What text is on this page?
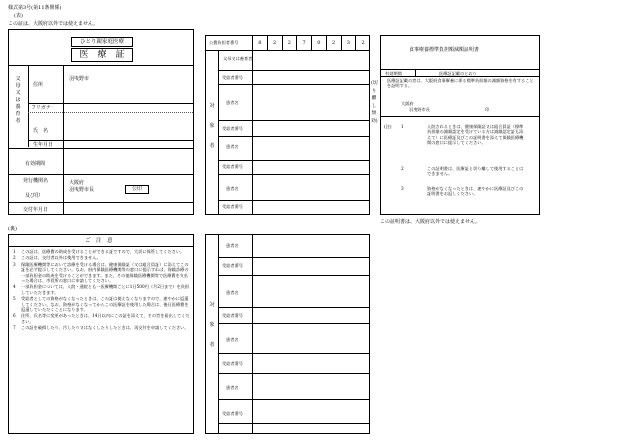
様式第3号(第11条関係)
(表)
この証は、大阪府以外では使えません。
ひとり親家庭医療
医　療　証
父母又は養育者
住所
羽曳野市
フリガナ
氏　名
生年月日
有効期間
発行機関名
及び印
大阪府
羽曳野市長	公印
交付年月日
公費負担者番号	8	2	2	7	0	2	3	2
対象者
父母又は養育者
受給者番号
患者名
受給者番号
患者名
受給者番号
患者名
受給者番号
(切り離し無効)
食事療養標準負担額減額証明書
有効期間	医療証記載のとおり
医療証記載の者は、大阪府食事療養に係る標準負担額の減額資格を有することを証明する。
大阪府
羽曳野市長	印
(注) 1	入院されるときは、健康保険証又は組合員証（標準負担額の減額認定を受けている方は減額認定証も添えて）に医療証及びこの証明書を添えて保険医療機関の窓口に提示してください。
2	この証明書は、医療証と切り離して使用することはできません。
3	資格がなくなったときは、速やかに医療証及びこの証明書をお返しください。
この証明書は、大阪府以外では使えません。
(裏)
ご　注　意
1	この証は、医療費の助成を受けることができる証ですので、大切に保管してください。
2	この証は、交付者以外は使用できません。
3	保険医療機関等において診療を受ける場合は、健康保険証（又は組合員証）に添えてこの証を必ず提示してください。なお、府内保険医療機関等の窓口に提示すれば、保険診療の一部負担金の助成を受けることができます。また、その他保険医療機関等で医療費を支払った場合は、市役所の窓口に申請してください。
4	一部負担金については、入院・通院とも一医療機関ごとに1日500円（月2日まで）を負担していただきます。
5	受給者としての資格がなくなったときは、この証は使えなくなりますので、速やかに返還してください。なお、資格がなくなってからこの医療証を使用した場合は、後日医療費を返還していただくことになります。
6	住所、氏名等に変更があったときは、14日以内にこの証を添えて、その旨を届出してください。
7	この証を破損したり、汚したり又はなくしたりしたときは、再交付を申請してください。
対象者
患者名
受給者番号
患者名
受給者番号
患者名
受給者番号
患者名
受給者番号
